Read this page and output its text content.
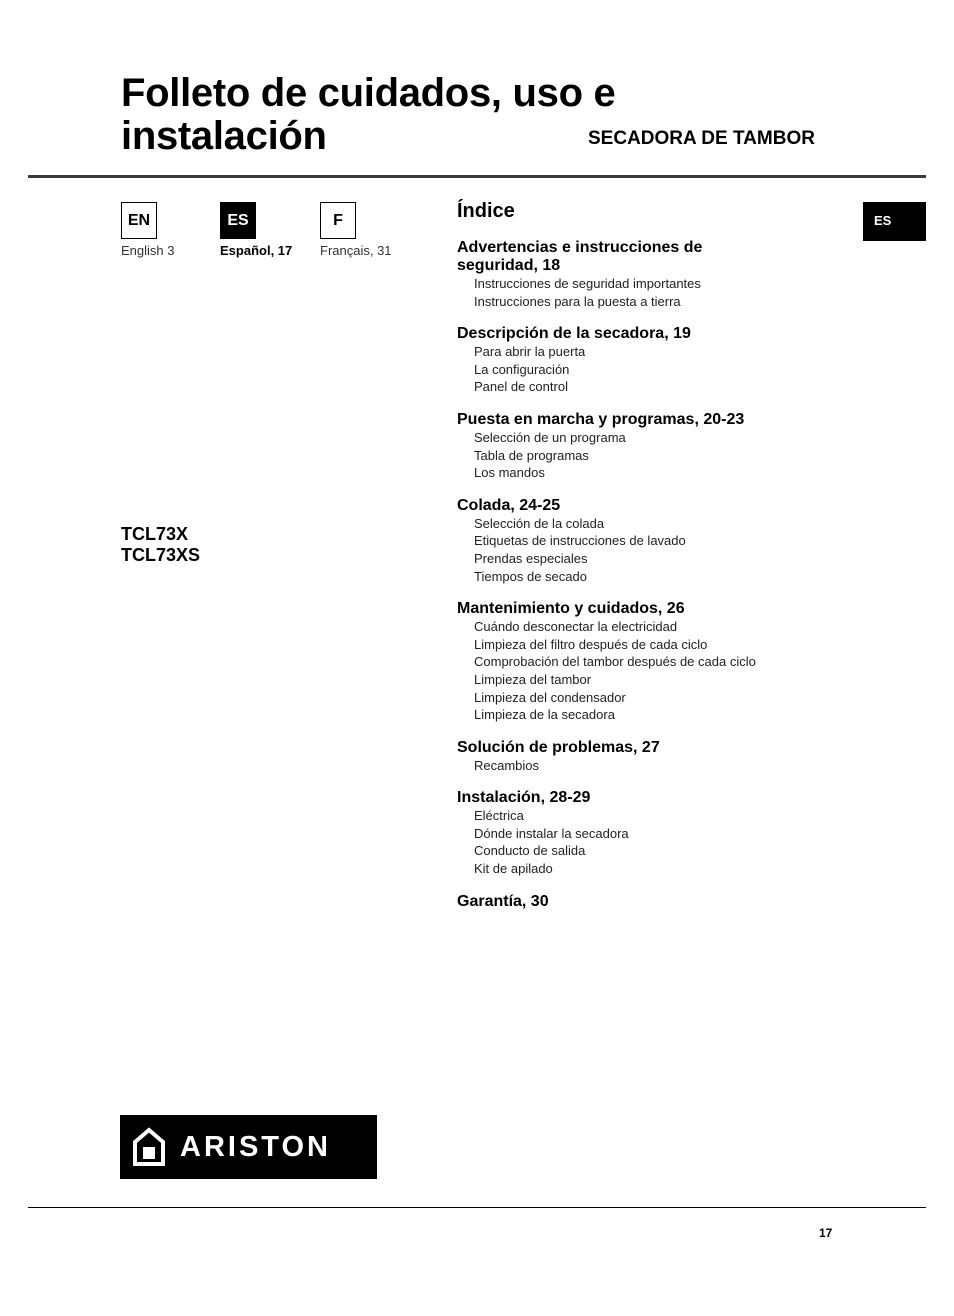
Folleto de cuidados, uso e
instalación	SECADORA DE TAMBOR
EN
English 3
ES
Español, 17
F
Français, 31
ES
TCL73X
TCL73XS
Índice
Advertencias e instrucciones de
seguridad, 18
Instrucciones de seguridad importantes
Instrucciones para la puesta a tierra
Descripción de la secadora, 19
Para abrir la puerta
La configuración
Panel de control
Puesta en marcha y programas, 20-23
Selección de un programa
Tabla de programas
Los mandos
Colada, 24-25
Selección de la colada
Etiquetas de instrucciones de lavado
Prendas especiales
Tiempos de secado
Mantenimiento y cuidados, 26
Cuándo desconectar la electricidad
Limpieza del filtro después de cada ciclo
Comprobación del tambor después de cada ciclo
Limpieza del tambor
Limpieza del condensador
Limpieza de la secadora
Solución de problemas, 27
Recambios
Instalación, 28-29
Eléctrica
Dónde instalar la secadora
Conducto de salida
Kit de apilado
Garantía, 30
ARISTON
17
